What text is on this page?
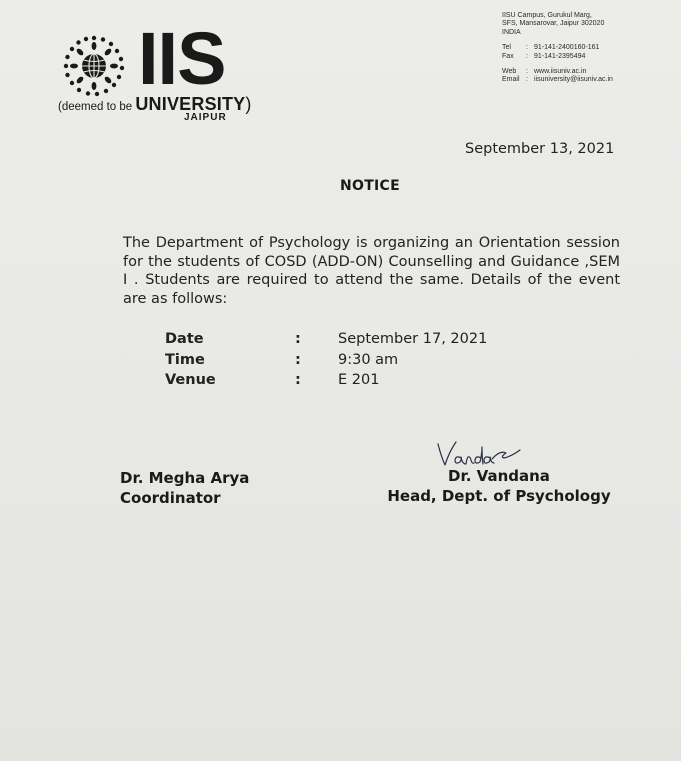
IIS
(deemed to be UNIVERSITY)
JAIPUR
IISU Campus, Gurukul Marg,
SFS, Mansarovar, Jaipur 302020
INDIA
Tel	: 91-141-2400160-161
Fax	: 91-141-2395494
Web	: www.iisuniv.ac.in
Email : iisuniversity@iisuniv.ac.in
September 13, 2021
NOTICE
The Department of Psychology is organizing an Orientation session for the students of COSD (ADD-ON) Counselling and Guidance ,SEM I . Students are required to attend the same. Details of the event are as follows:
Date	:	September 17, 2021
Time	:	9:30 am
Venue	:	E 201
Dr. Megha Arya
Coordinator
Dr. Vandana
Head, Dept. of Psychology
